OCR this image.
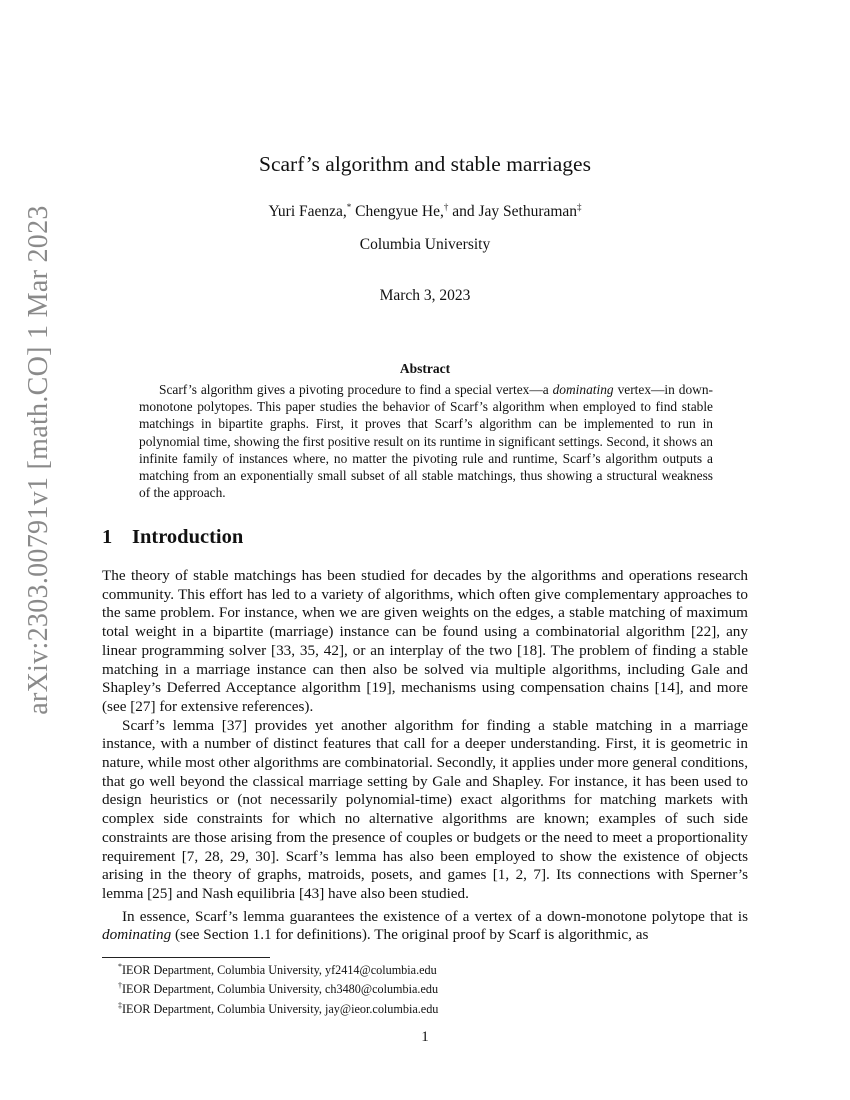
arXiv:2303.00791v1 [math.CO] 1 Mar 2023
Scarf’s algorithm and stable marriages
Yuri Faenza,* Chengyue He,† and Jay Sethuraman‡
Columbia University
March 3, 2023
Abstract

Scarf’s algorithm gives a pivoting procedure to find a special vertex—a dominating vertex—in down-monotone polytopes. This paper studies the behavior of Scarf’s algorithm when employed to find stable matchings in bipartite graphs. First, it proves that Scarf’s algorithm can be implemented to run in polynomial time, showing the first positive result on its runtime in significant settings. Second, it shows an infinite family of instances where, no matter the pivoting rule and runtime, Scarf’s algorithm outputs a matching from an exponentially small subset of all stable matchings, thus showing a structural weakness of the approach.

1 Introduction

The theory of stable matchings has been studied for decades by the algorithms and operations research community. This effort has led to a variety of algorithms, which often give complementary approaches to the same problem. For instance, when we are given weights on the edges, a stable matching of maximum total weight in a bipartite (marriage) instance can be found using a combinatorial algorithm [22], any linear programming solver [33, 35, 42], or an interplay of the two [18]. The problem of finding a stable matching in a marriage instance can then also be solved via multiple algorithms, including Gale and Shapley’s Deferred Acceptance algorithm [19], mechanisms using compensation chains [14], and more (see [27] for extensive references).

Scarf’s lemma [37] provides yet another algorithm for finding a stable matching in a marriage instance, with a number of distinct features that call for a deeper understanding. First, it is geometric in nature, while most other algorithms are combinatorial. Secondly, it applies under more general conditions, that go well beyond the classical marriage setting by Gale and Shapley. For instance, it has been used to design heuristics or (not necessarily polynomial-time) exact algorithms for matching markets with complex side constraints for which no alternative algorithms are known; examples of such side constraints are those arising from the presence of couples or budgets or the need to meet a proportionality requirement [7, 28, 29, 30]. Scarf’s lemma has also been employed to show the existence of objects arising in the theory of graphs, matroids, posets, and games [1, 2, 7]. Its connections with Sperner’s lemma [25] and Nash equilibria [43] have also been studied.

In essence, Scarf’s lemma guarantees the existence of a vertex of a down-monotone polytope that is dominating (see Section 1.1 for definitions). The original proof by Scarf is algorithmic, as

*IEOR Department, Columbia University, yf2414@columbia.edu
†IEOR Department, Columbia University, ch3480@columbia.edu
‡IEOR Department, Columbia University, jay@ieor.columbia.edu
1
